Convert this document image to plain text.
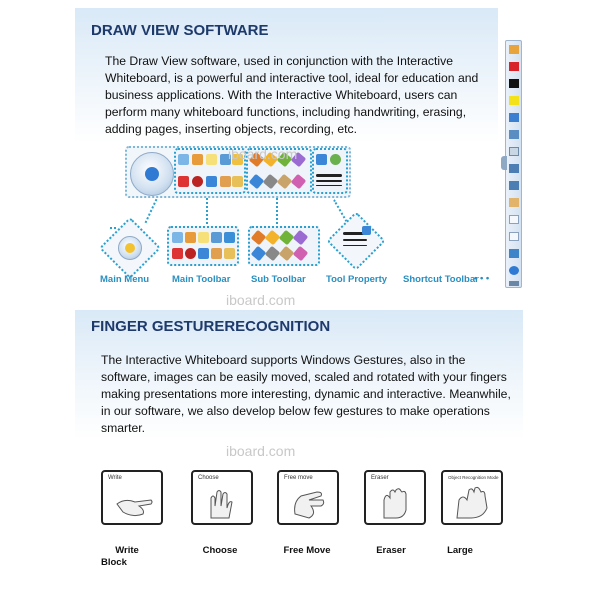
DRAW VIEW SOFTWARE
The Draw View software, used in conjunction with the Interactive Whiteboard, is a powerful and interactive tool, ideal for education and business applications. With the Interactive Whiteboard, users can perform many whiteboard functions, including handwriting, erasing, adding pages, inserting objects, recording, etc.
Main Menu Main Toolbar Sub Toolbar Tool Property Shortcut Toolbar
• • •
iboard.com
iboard.com
FINGER GESTURERECOGNITION
The Interactive Whiteboard supports Windows Gestures, also in the software, images can be easily moved, scaled and rotated with your fingers making presentations more interesting, dynamic and interactive. Meanwhile, in our software, we also develop below few gestures to make operations smarter.
iboard.com
Write	Choose	Free move	Eraser	Object Recognition Mode
Write
Block
Choose	Free Move	Eraser	Large
